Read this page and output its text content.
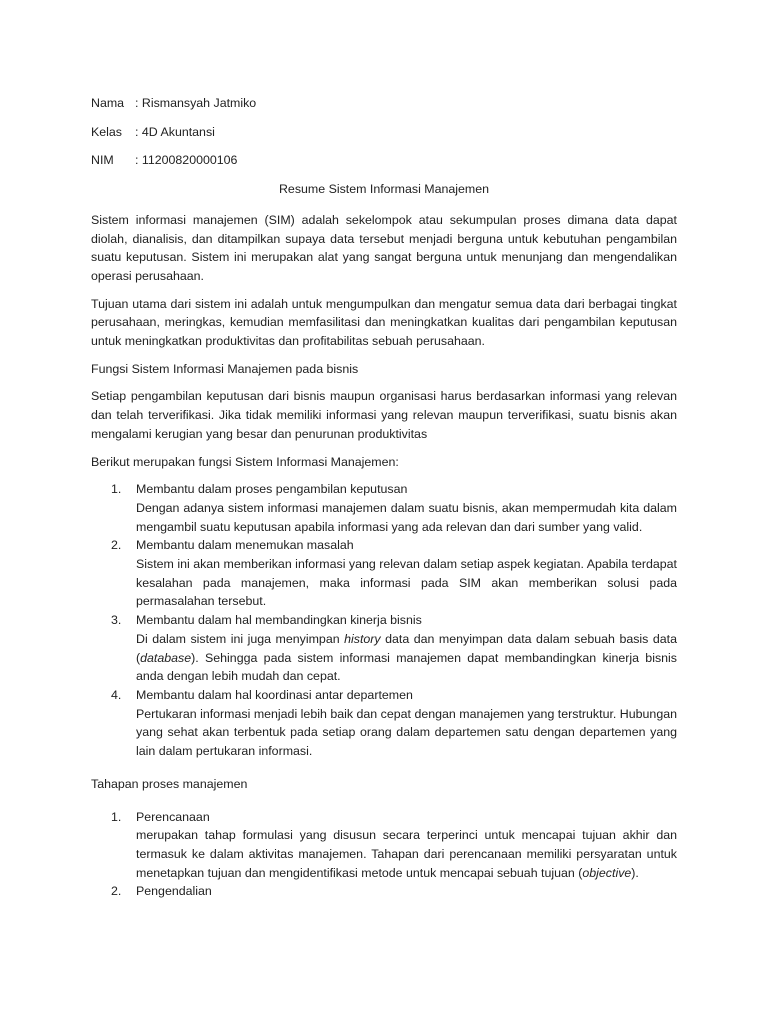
Nama : Rismansyah Jatmiko
Kelas	: 4D Akuntansi
NIM	: 11200820000106
Resume Sistem Informasi Manajemen

Sistem informasi manajemen (SIM) adalah sekelompok atau sekumpulan proses dimana data dapat diolah, dianalisis, dan ditampilkan supaya data tersebut menjadi berguna untuk kebutuhan pengambilan suatu keputusan. Sistem ini merupakan alat yang sangat berguna untuk menunjang dan mengendalikan operasi perusahaan.

Tujuan utama dari sistem ini adalah untuk mengumpulkan dan mengatur semua data dari berbagai tingkat perusahaan, meringkas, kemudian memfasilitasi dan meningkatkan kualitas dari pengambilan keputusan untuk meningkatkan produktivitas dan profitabilitas sebuah perusahaan.

Fungsi Sistem Informasi Manajemen pada bisnis

Setiap pengambilan keputusan dari bisnis maupun organisasi harus berdasarkan informasi yang relevan dan telah terverifikasi. Jika tidak memiliki informasi yang relevan maupun terverifikasi, suatu bisnis akan mengalami kerugian yang besar dan penurunan produktivitas

Berikut merupakan fungsi Sistem Informasi Manajemen:
1. Membantu dalam proses pengambilan keputusan
Dengan adanya sistem informasi manajemen dalam suatu bisnis, akan mempermudah kita dalam mengambil suatu keputusan apabila informasi yang ada relevan dan dari sumber yang valid.
2. Membantu dalam menemukan masalah
Sistem ini akan memberikan informasi yang relevan dalam setiap aspek kegiatan. Apabila terdapat kesalahan pada manajemen, maka informasi pada SIM akan memberikan solusi pada permasalahan tersebut.
3. Membantu dalam hal membandingkan kinerja bisnis
Di dalam sistem ini juga menyimpan history data dan menyimpan data dalam sebuah basis data (database). Sehingga pada sistem informasi manajemen dapat membandingkan kinerja bisnis anda dengan lebih mudah dan cepat.
4. Membantu dalam hal koordinasi antar departemen
Pertukaran informasi menjadi lebih baik dan cepat dengan manajemen yang terstruktur. Hubungan yang sehat akan terbentuk pada setiap orang dalam departemen satu dengan departemen yang lain dalam pertukaran informasi.
Tahapan proses manajemen
1. Perencanaan
merupakan tahap formulasi yang disusun secara terperinci untuk mencapai tujuan akhir dan termasuk ke dalam aktivitas manajemen. Tahapan dari perencanaan memiliki persyaratan untuk menetapkan tujuan dan mengidentifikasi metode untuk mencapai sebuah tujuan (objective).
2. Pengendalian
